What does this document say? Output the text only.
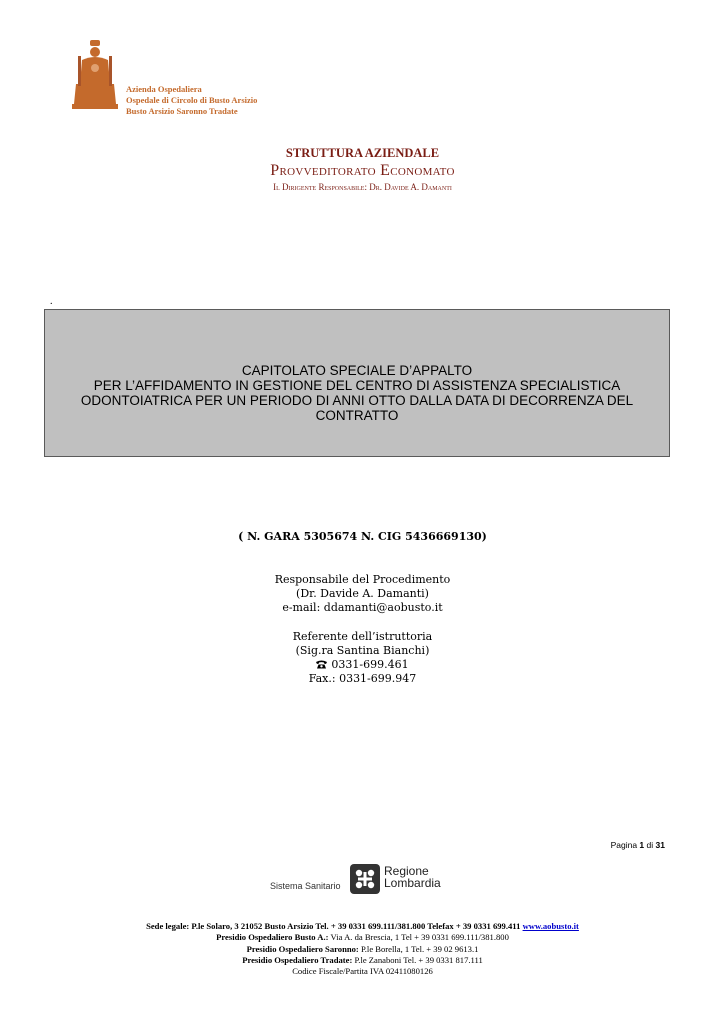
Azienda Ospedaliera
Ospedale di Circolo di Busto Arsizio
Busto Arsizio Saronno Tradate
STRUTTURA AZIENDALE
Provveditorato Economato
Il Dirigente Responsabile: Dr. Davide A. Damanti
.
CAPITOLATO SPECIALE D’APPALTO
PER L’AFFIDAMENTO IN GESTIONE DEL CENTRO DI ASSISTENZA SPECIALISTICA
ODONTOIATRICA PER UN PERIODO DI ANNI OTTO DALLA DATA DI DECORRENZA DEL
CONTRATTO
( N. GARA 5305674 N. CIG 5436669130)
Responsabile del Procedimento
(Dr. Davide A. Damanti)
e-mail: ddamanti@aobusto.it
Referente dell’istruttoria
(Sig.ra Santina Bianchi)
0331-699.461
Fax.: 0331-699.947
Pagina 1 di 31
Sistema Sanitario
Regione
Lombardia
Sede legale: P.le Solaro, 3 21052 Busto Arsizio Tel. + 39 0331 699.111/381.800 Telefax + 39 0331 699.411 www.aobusto.it
Presidio Ospedaliero Busto A.: Via A. da Brescia, 1 Tel + 39 0331 699.111/381.800
Presidio Ospedaliero Saronno: P.le Borella, 1 Tel. + 39 02 9613.1
Presidio Ospedaliero Tradate: P.le Zanaboni Tel. + 39 0331 817.111
Codice Fiscale/Partita IVA 02411080126
